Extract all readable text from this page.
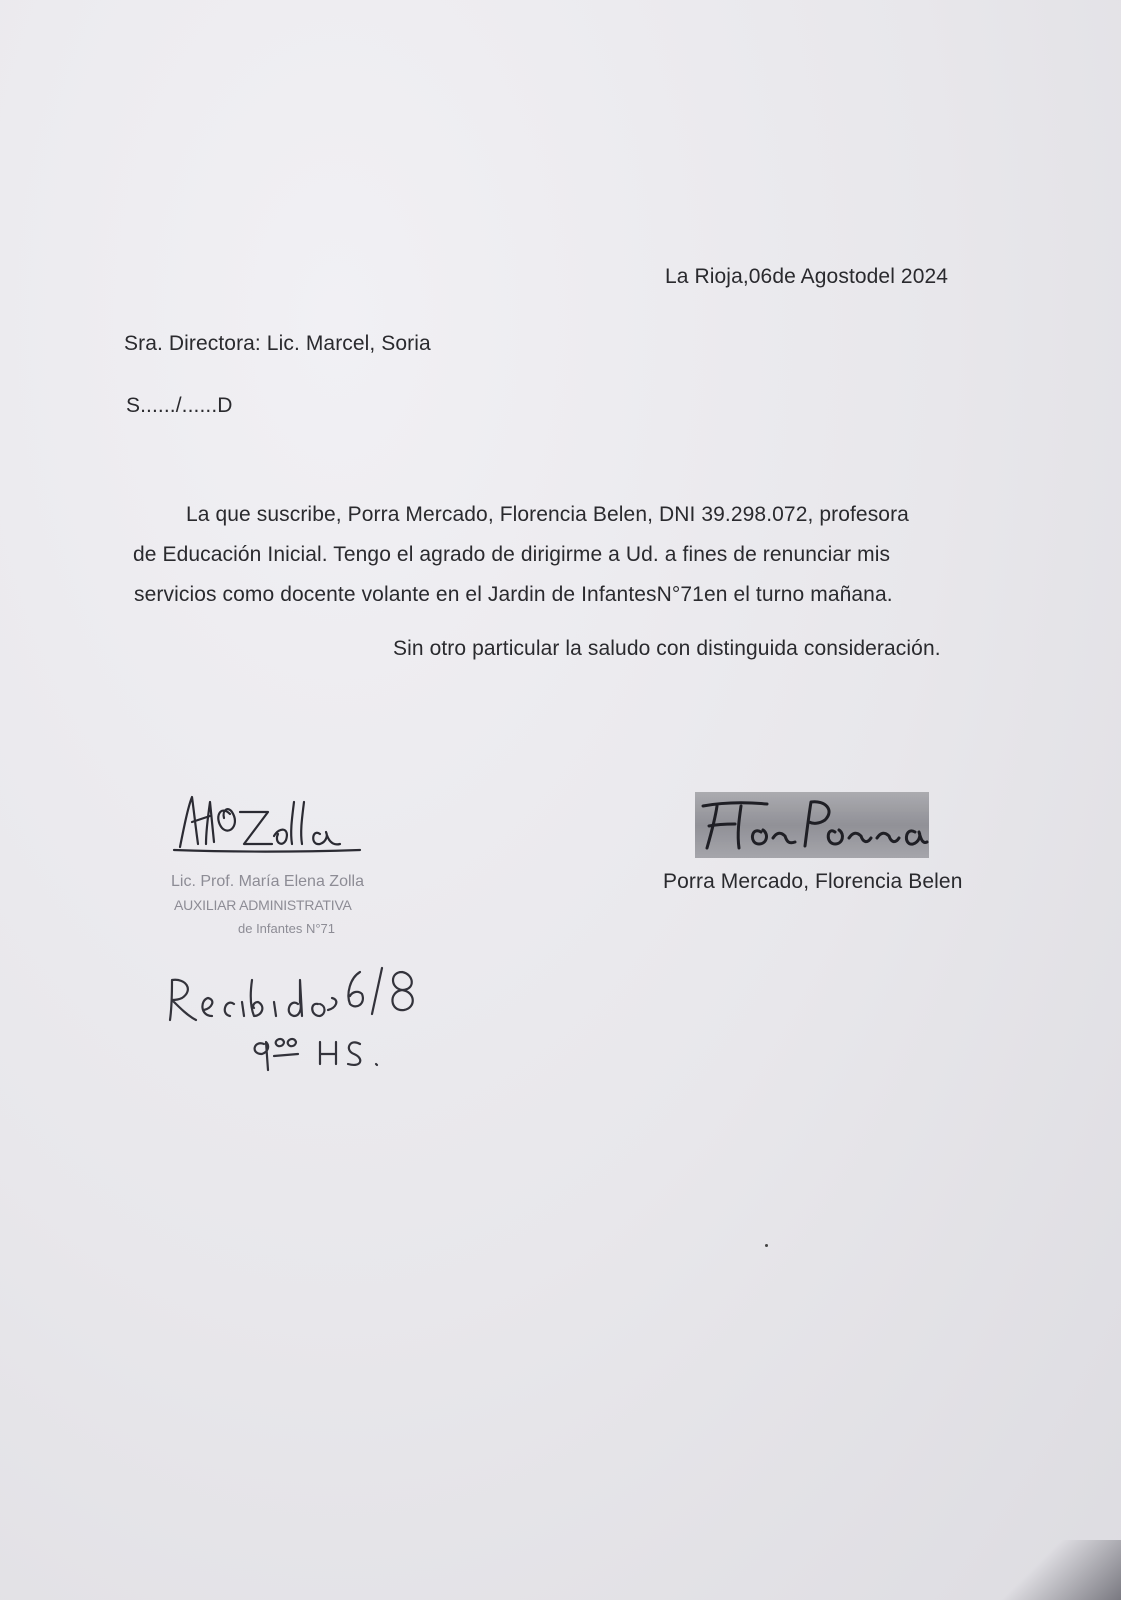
La Rioja,06de Agostodel 2024
Sra. Directora: Lic. Marcel, Soria
S....../......D
La que suscribe, Porra Mercado, Florencia Belen, DNI 39.298.072, profesora
de Educación Inicial. Tengo el agrado de dirigirme a Ud. a fines de renunciar mis
servicios como docente volante en el Jardin de InfantesN°71en el turno mañana.
Sin otro particular la saludo con distinguida consideración.
Lic. Prof. María Elena Zolla
AUXILIAR ADMINISTRATIVA
de Infantes N°71
Porra Mercado, Florencia Belen
